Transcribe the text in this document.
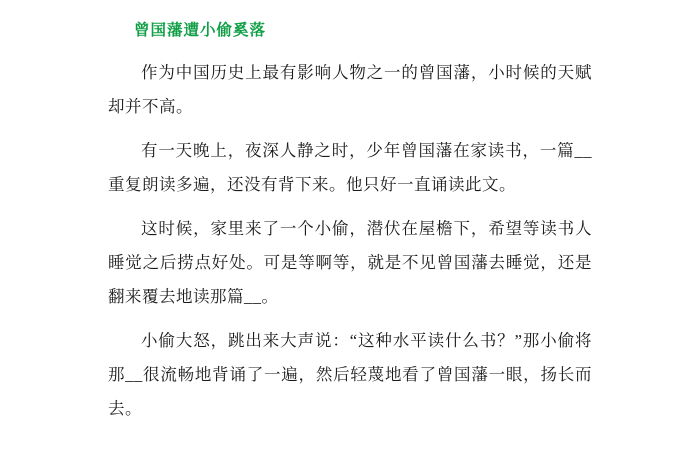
曾国藩遭小偷奚落

作为中国历史上最有影响人物之一的曾国藩，小时候的天赋却并不高。

有一天晚上，夜深人静之时，少年曾国藩在家读书，一篇__重复朗读多遍，还没有背下来。他只好一直诵读此文。

这时候，家里来了一个小偷，潜伏在屋檐下，希望等读书人睡觉之后捞点好处。可是等啊等，就是不见曾国藩去睡觉，还是翻来覆去地读那篇__。

小偷大怒，跳出来大声说：“这种水平读什么书？”那小偷将那__很流畅地背诵了一遍，然后轻蔑地看了曾国藩一眼，扬长而去。
